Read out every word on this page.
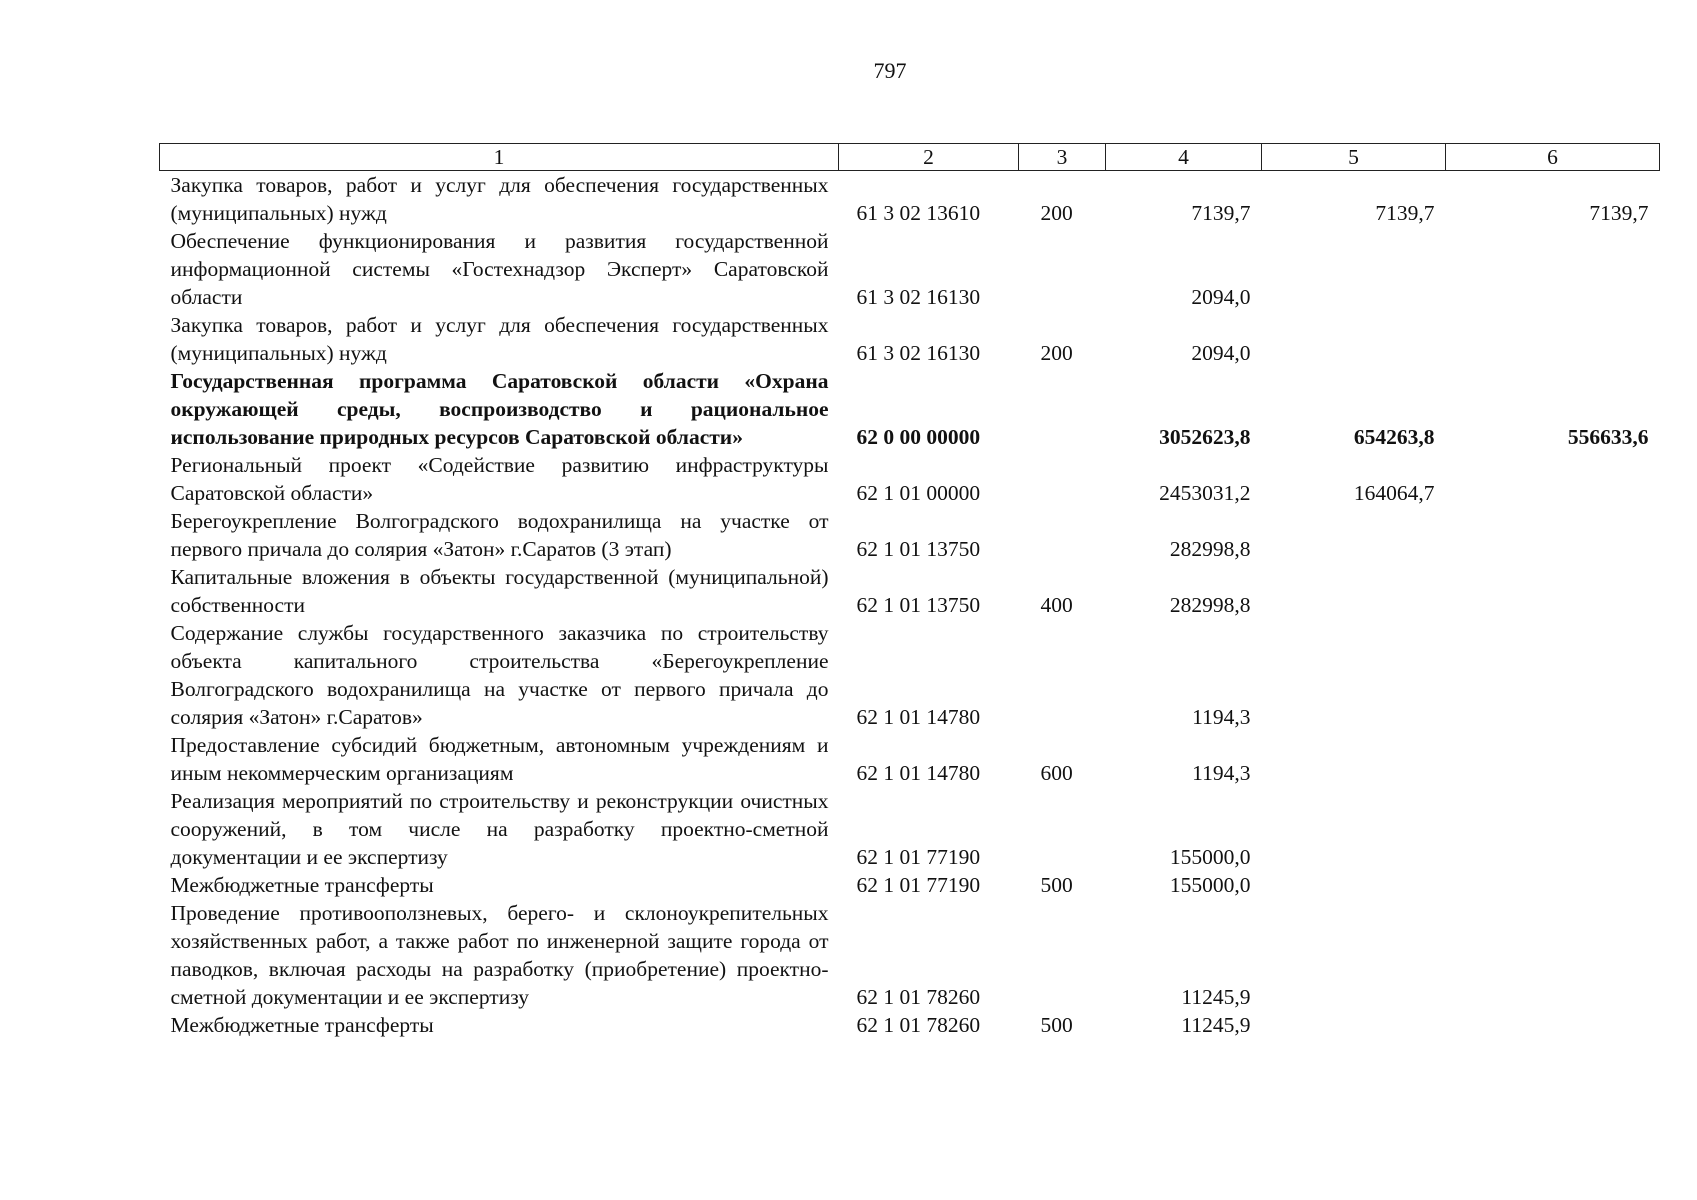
797
1	2	3	4	5	6
Закупка товаров, работ и услуг для обеспечения государственных (муниципальных) нужд	61 3 02 13610	200	7139,7	7139,7	7139,7
Обеспечение функционирования и развития государственной информационной системы «Гостехнадзор Эксперт» Саратовской области	61 3 02 16130		2094,0		
Закупка товаров, работ и услуг для обеспечения государственных (муниципальных) нужд	61 3 02 16130	200	2094,0		
Государственная программа Саратовской области «Охрана окружающей среды, воспроизводство и рациональное использование природных ресурсов Саратовской области»	62 0 00 00000		3052623,8	654263,8	556633,6
Региональный проект «Содействие развитию инфраструктуры Саратовской области»	62 1 01 00000		2453031,2	164064,7	
Берегоукрепление Волгоградского водохранилища на участке от первого причала до солярия «Затон» г.Саратов (3 этап)	62 1 01 13750		282998,8		
Капитальные вложения в объекты государственной (муниципальной) собственности	62 1 01 13750	400	282998,8		
Содержание службы государственного заказчика по строительству объекта капитального строительства «Берегоукрепление Волгоградского водохранилища на участке от первого причала до солярия «Затон» г.Саратов»	62 1 01 14780		1194,3		
Предоставление субсидий бюджетным, автономным учреждениям и иным некоммерческим организациям	62 1 01 14780	600	1194,3		
Реализация мероприятий по строительству и реконструкции очистных сооружений, в том числе на разработку проектно-сметной документации и ее экспертизу	62 1 01 77190		155000,0		
Межбюджетные трансферты	62 1 01 77190	500	155000,0		
Проведение противооползневых, берего- и склоноукрепительных хозяйственных работ, а также работ по инженерной защите города от паводков, включая расходы на разработку (приобретение) проектно-сметной документации и ее экспертизу	62 1 01 78260		11245,9		
Межбюджетные трансферты	62 1 01 78260	500	11245,9		
